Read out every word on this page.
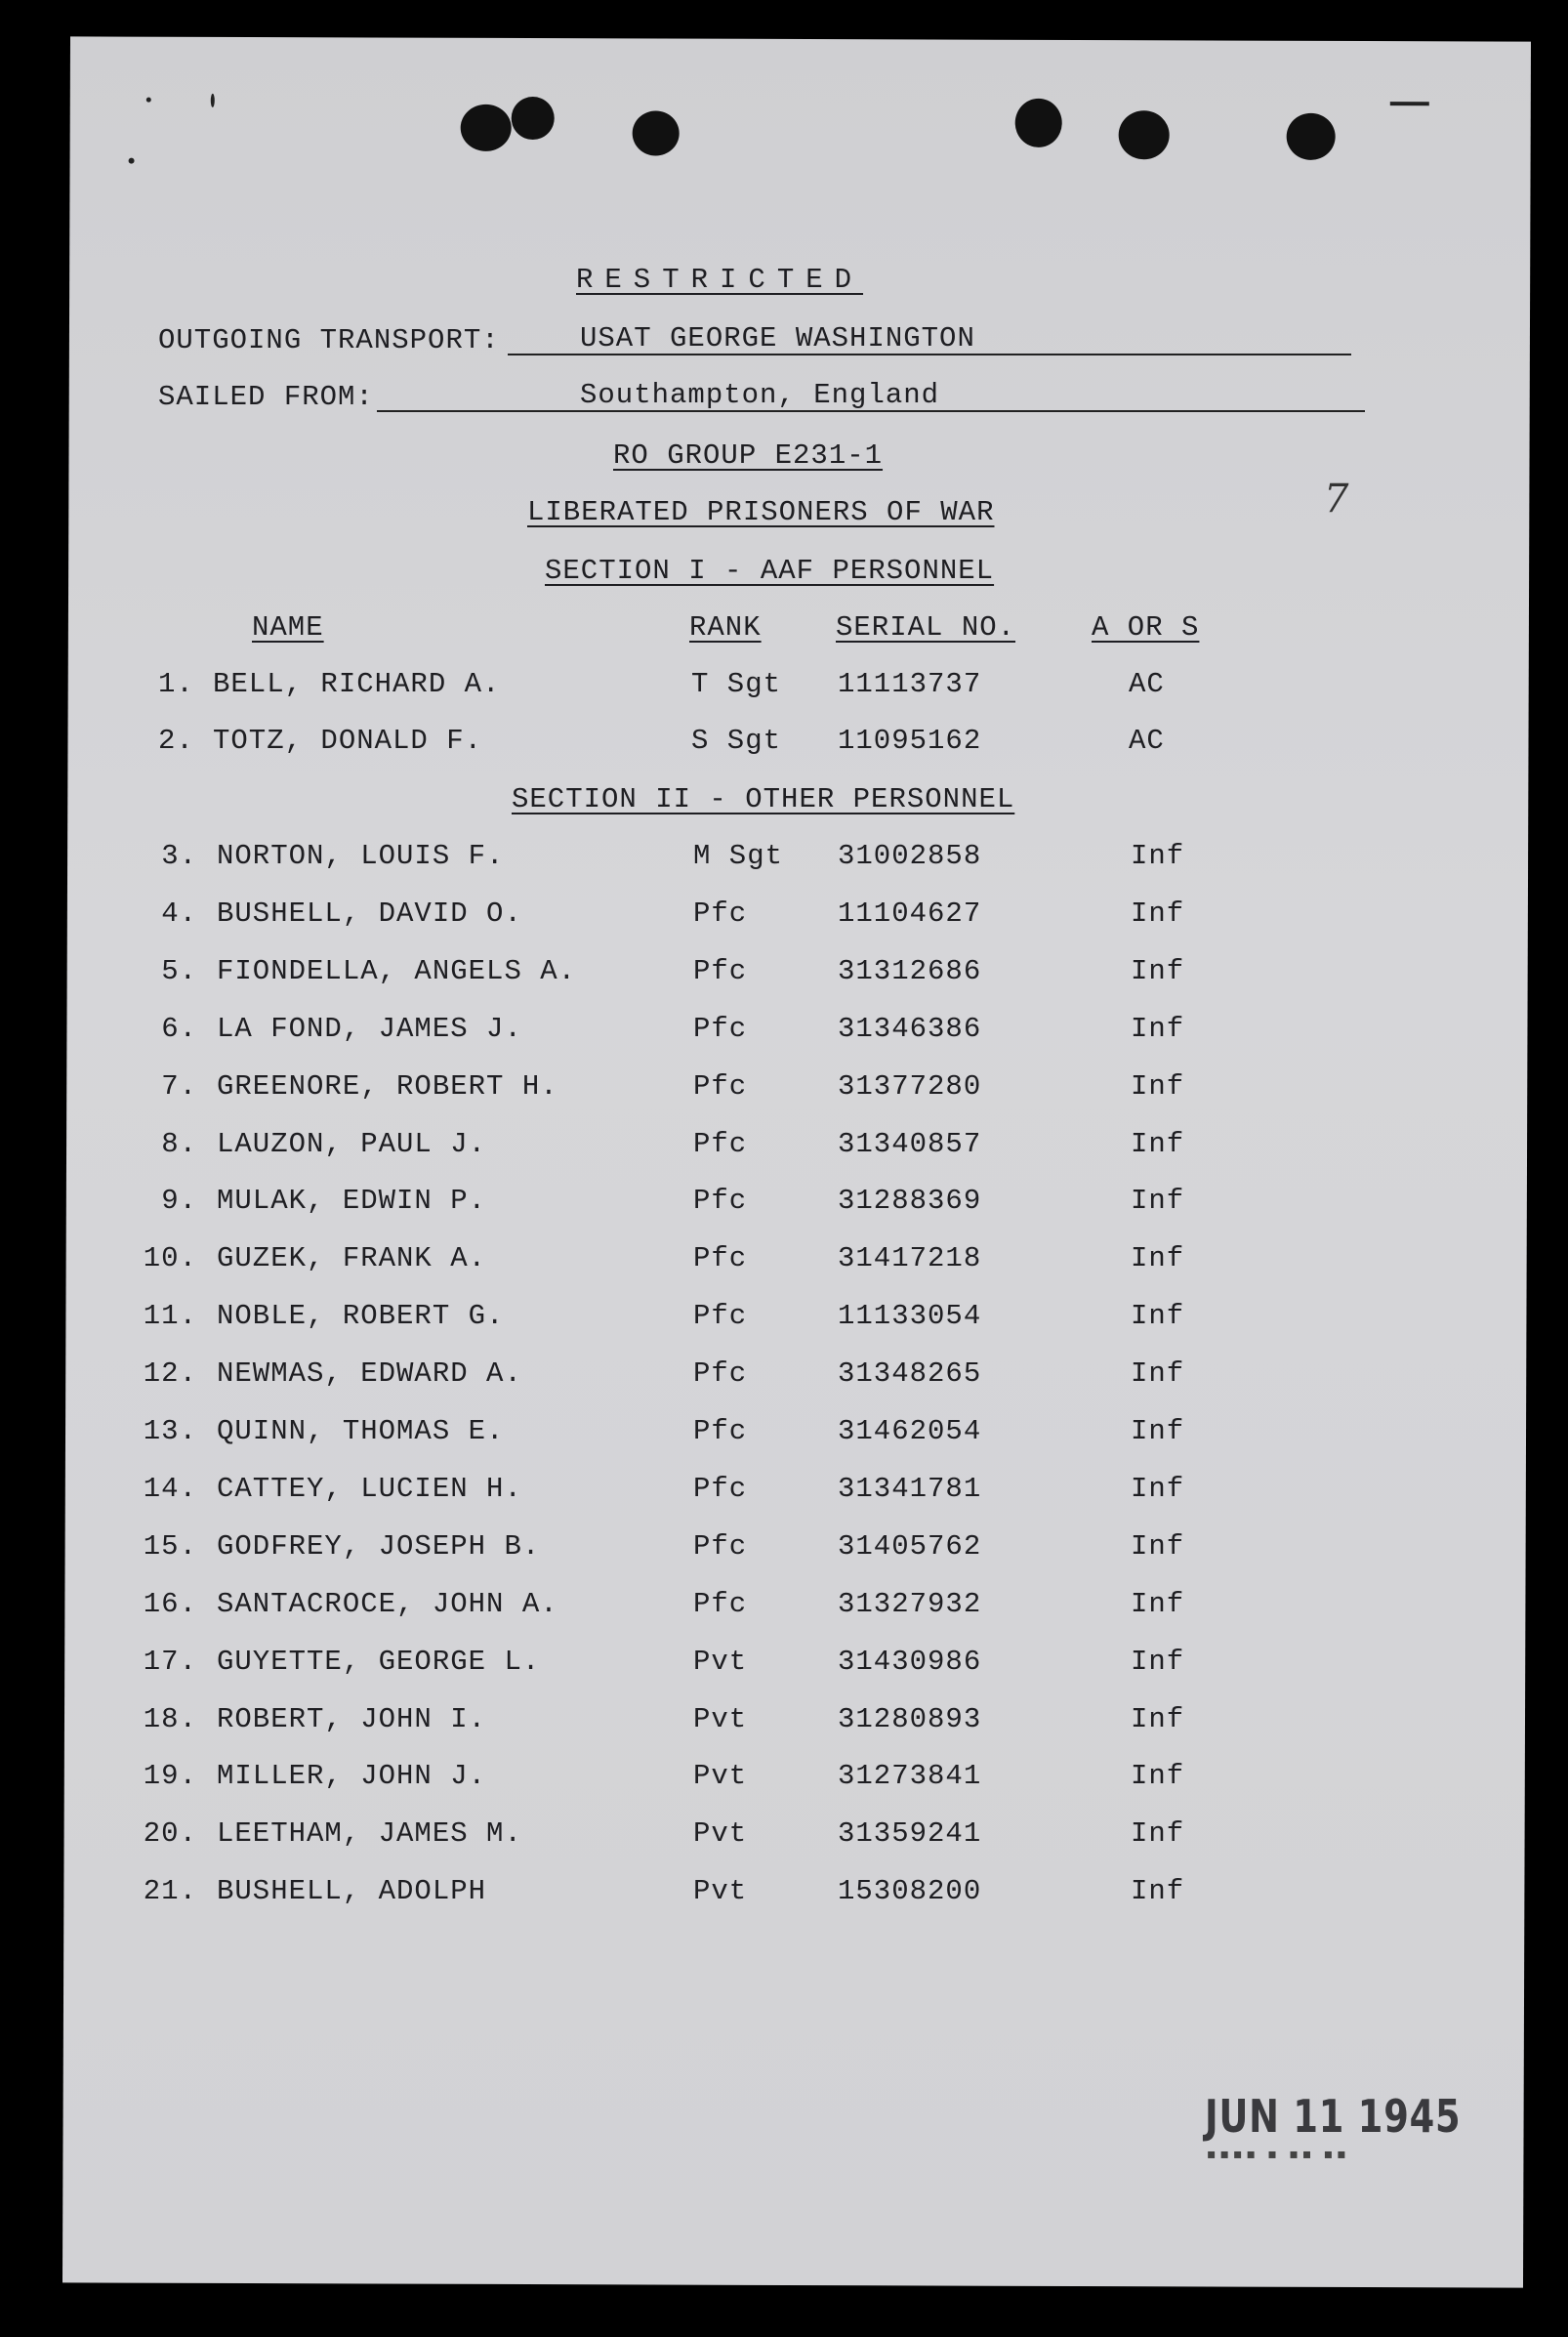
RESTRICTED
OUTGOING TRANSPORT:	USAT GEORGE WASHINGTON
SAILED FROM:	Southampton, England
RO GROUP E231-1
LIBERATED PRISONERS OF WAR	7
SECTION I - AAF PERSONNEL
NAME	RANK	SERIAL NO.	A OR S
1. BELL, RICHARD A.	T Sgt 11113737	AC
2. TOTZ, DONALD F.	S Sgt 11095162	AC
SECTION II - OTHER PERSONNEL
3. NORTON, LOUIS F.	M Sgt 31002858	Inf
4. BUSHELL, DAVID O.	Pfc	11104627	Inf
5. FIONDELLA, ANGELS A.	Pfc	31312686	Inf
6. LA FOND, JAMES J.	Pfc	31346386	Inf
7. GREENORE, ROBERT H.	Pfc	31377280	Inf
8. LAUZON, PAUL J.	Pfc	31340857	Inf
9. MULAK, EDWIN P.	Pfc	31288369	Inf
10. GUZEK, FRANK A.	Pfc	31417218	Inf
11. NOBLE, ROBERT G.	Pfc	11133054	Inf
12. NEWMAS, EDWARD A.	Pfc	31348265	Inf
13. QUINN, THOMAS E.	Pfc	31462054	Inf
14. CATTEY, LUCIEN H.	Pfc	31341781	Inf
15. GODFREY, JOSEPH B.	Pfc	31405762	Inf
16. SANTACROCE, JOHN A.	Pfc	31327932	Inf
17. GUYETTE, GEORGE L.	Pvt	31430986	Inf
18. ROBERT, JOHN I.	Pvt	31280893	Inf
19. MILLER, JOHN J.	Pvt	31273841	Inf
20. LEETHAM, JAMES M.	Pvt	31359241	Inf
21. BUSHELL, ADOLPH	Pvt	15308200	Inf
JUN 11 1945
▪▪▪▪ ▪ ▪▪ ▪▪
